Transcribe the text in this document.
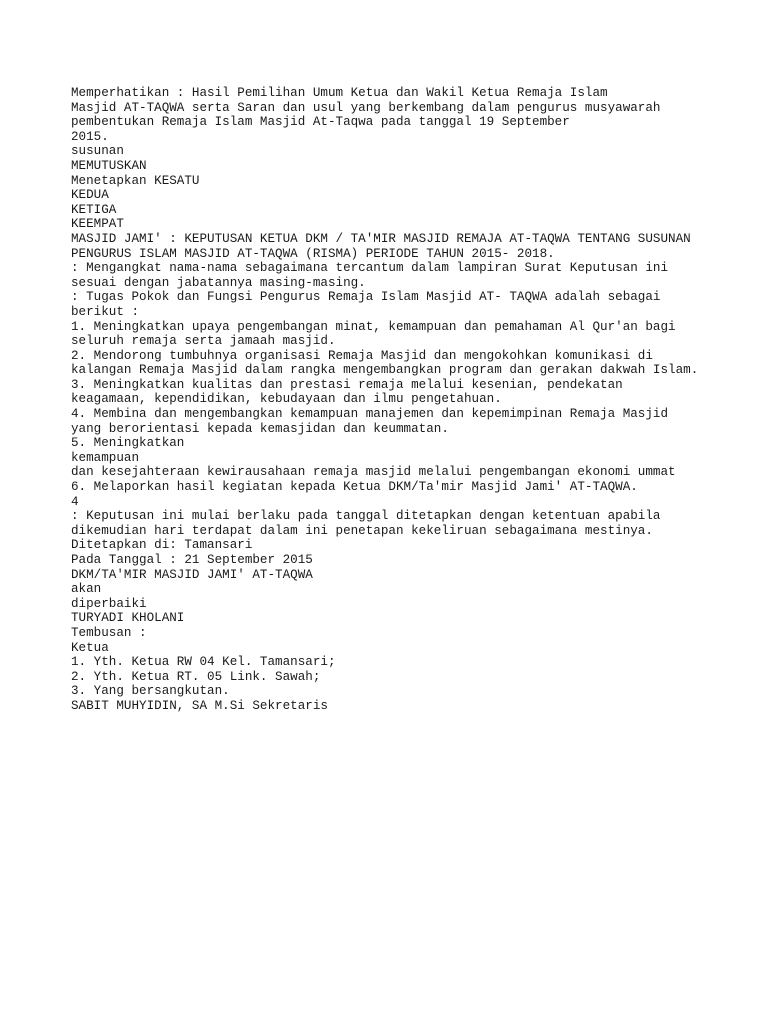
Memperhatikan : Hasil Pemilihan Umum Ketua dan Wakil Ketua Remaja Islam
Masjid AT-TAQWA serta Saran dan usul yang berkembang dalam pengurus musyawarah
pembentukan Remaja Islam Masjid At-Taqwa pada tanggal 19 September
2015.
susunan
MEMUTUSKAN
Menetapkan KESATU
KEDUA
KETIGA
KEEMPAT
MASJID JAMI' : KEPUTUSAN KETUA DKM / TA'MIR MASJID REMAJA AT-TAQWA TENTANG SUSUNAN
PENGURUS ISLAM MASJID AT-TAQWA (RISMA) PERIODE TAHUN 2015- 2018.
: Mengangkat nama-nama sebagaimana tercantum dalam lampiran Surat Keputusan ini
sesuai dengan jabatannya masing-masing.
: Tugas Pokok dan Fungsi Pengurus Remaja Islam Masjid AT- TAQWA adalah sebagai
berikut :
1. Meningkatkan upaya pengembangan minat, kemampuan dan pemahaman Al Qur'an bagi
seluruh remaja serta jamaah masjid.
2. Mendorong tumbuhnya organisasi Remaja Masjid dan mengokohkan komunikasi di
kalangan Remaja Masjid dalam rangka mengembangkan program dan gerakan dakwah Islam.
3. Meningkatkan kualitas dan prestasi remaja melalui kesenian, pendekatan
keagamaan, kependidikan, kebudayaan dan ilmu pengetahuan.
4. Membina dan mengembangkan kemampuan manajemen dan kepemimpinan Remaja Masjid
yang berorientasi kepada kemasjidan dan keummatan.
5. Meningkatkan
kemampuan
dan kesejahteraan kewirausahaan remaja masjid melalui pengembangan ekonomi ummat
6. Melaporkan hasil kegiatan kepada Ketua DKM/Ta'mir Masjid Jami' AT-TAQWA.
4
: Keputusan ini mulai berlaku pada tanggal ditetapkan dengan ketentuan apabila
dikemudian hari terdapat dalam ini penetapan kekeliruan sebagaimana mestinya.
Ditetapkan di: Tamansari
Pada Tanggal : 21 September 2015
DKM/TA'MIR MASJID JAMI' AT-TAQWA
akan
diperbaiki
TURYADI KHOLANI
Tembusan :
Ketua
1. Yth. Ketua RW 04 Kel. Tamansari;
2. Yth. Ketua RT. 05 Link. Sawah;
3. Yang bersangkutan.
SABIT MUHYIDIN, SA M.Si Sekretaris
